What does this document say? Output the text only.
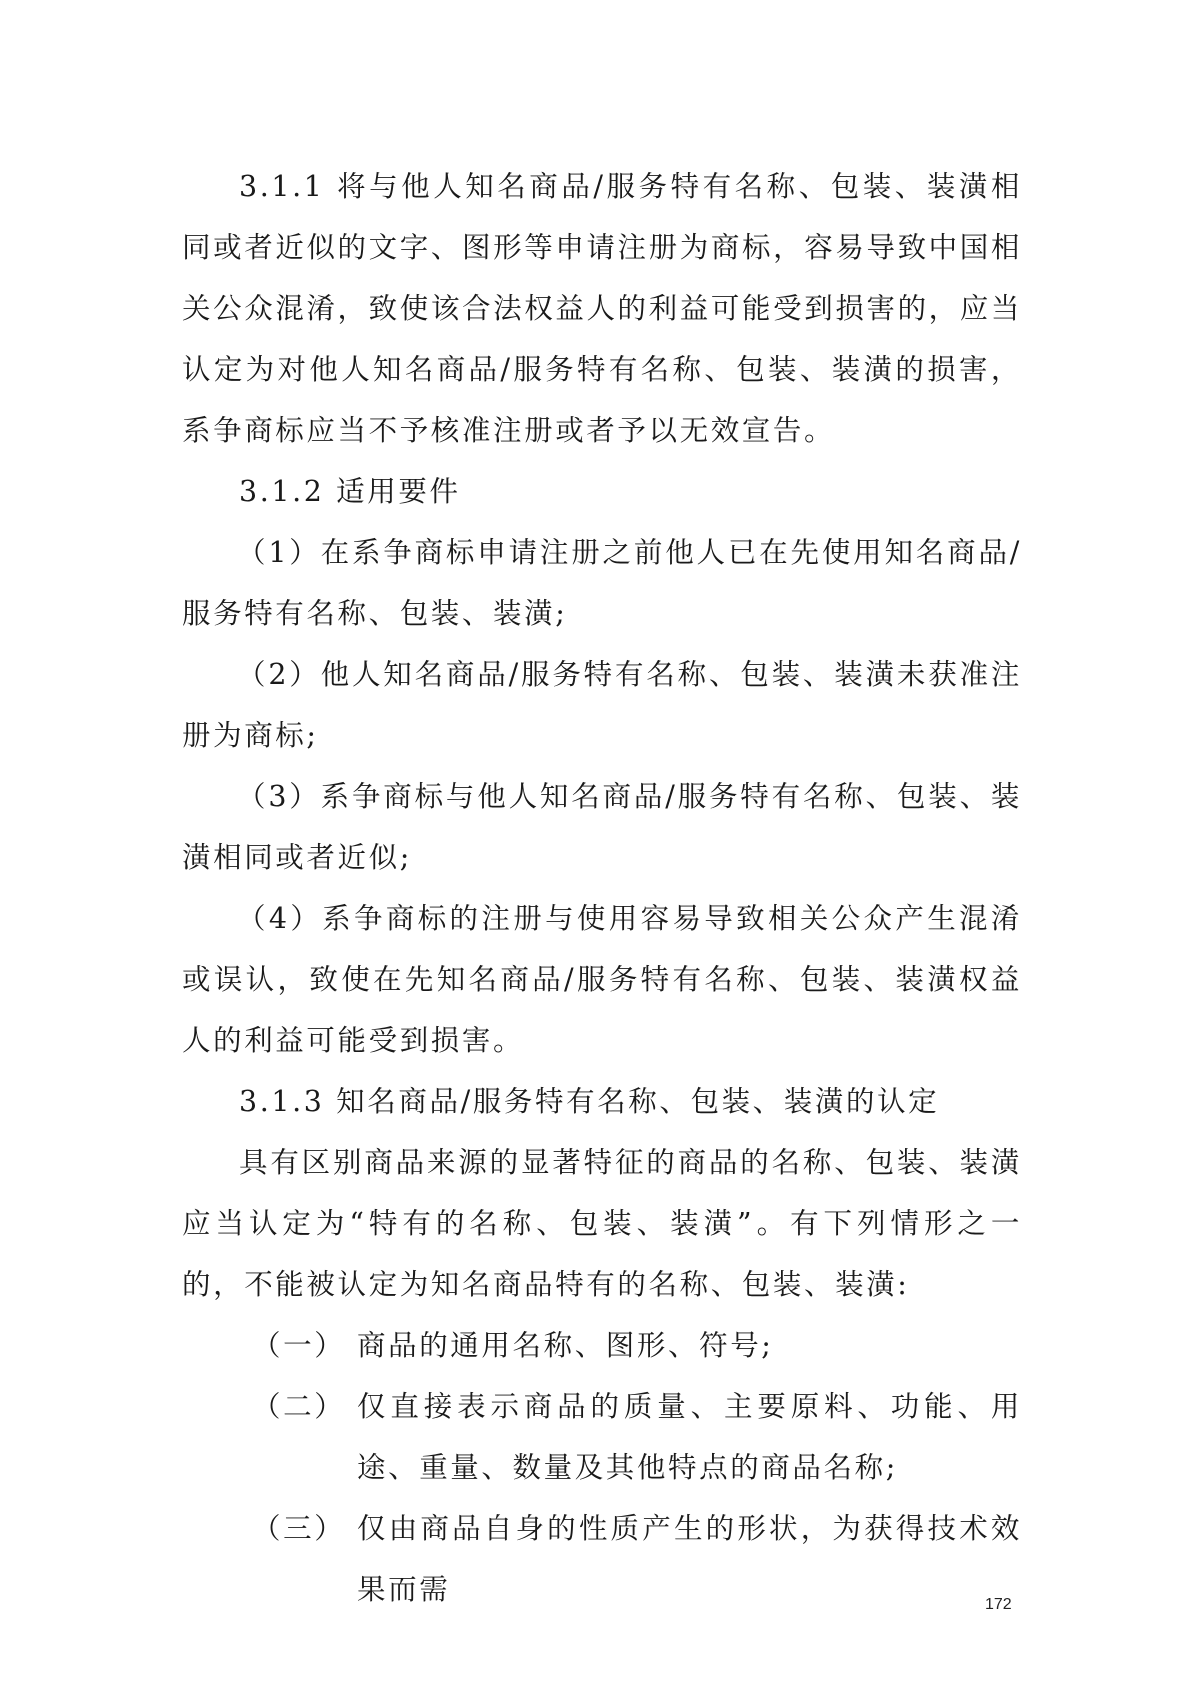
3.1.1 将与他人知名商品/服务特有名称、包装、装潢相同或者近似的文字、图形等申请注册为商标，容易导致中国相关公众混淆，致使该合法权益人的利益可能受到损害的，应当认定为对他人知名商品/服务特有名称、包装、装潢的损害，系争商标应当不予核准注册或者予以无效宣告。

3.1.2 适用要件

（1）在系争商标申请注册之前他人已在先使用知名商品/服务特有名称、包装、装潢;

（2）他人知名商品/服务特有名称、包装、装潢未获准注册为商标;

（3）系争商标与他人知名商品/服务特有名称、包装、装潢相同或者近似;

（4）系争商标的注册与使用容易导致相关公众产生混淆或误认，致使在先知名商品/服务特有名称、包装、装潢权益人的利益可能受到损害。

3.1.3 知名商品/服务特有名称、包装、装潢的认定

具有区别商品来源的显著特征的商品的名称、包装、装潢应当认定为“特有的名称、包装、装潢”。有下列情形之一的，不能被认定为知名商品特有的名称、包装、装潢:

（一） 商品的通用名称、图形、符号;
（二） 仅直接表示商品的质量、主要原料、功能、用途、重量、数量及其他特点的商品名称;
（三） 仅由商品自身的性质产生的形状，为获得技术效果而需	172
